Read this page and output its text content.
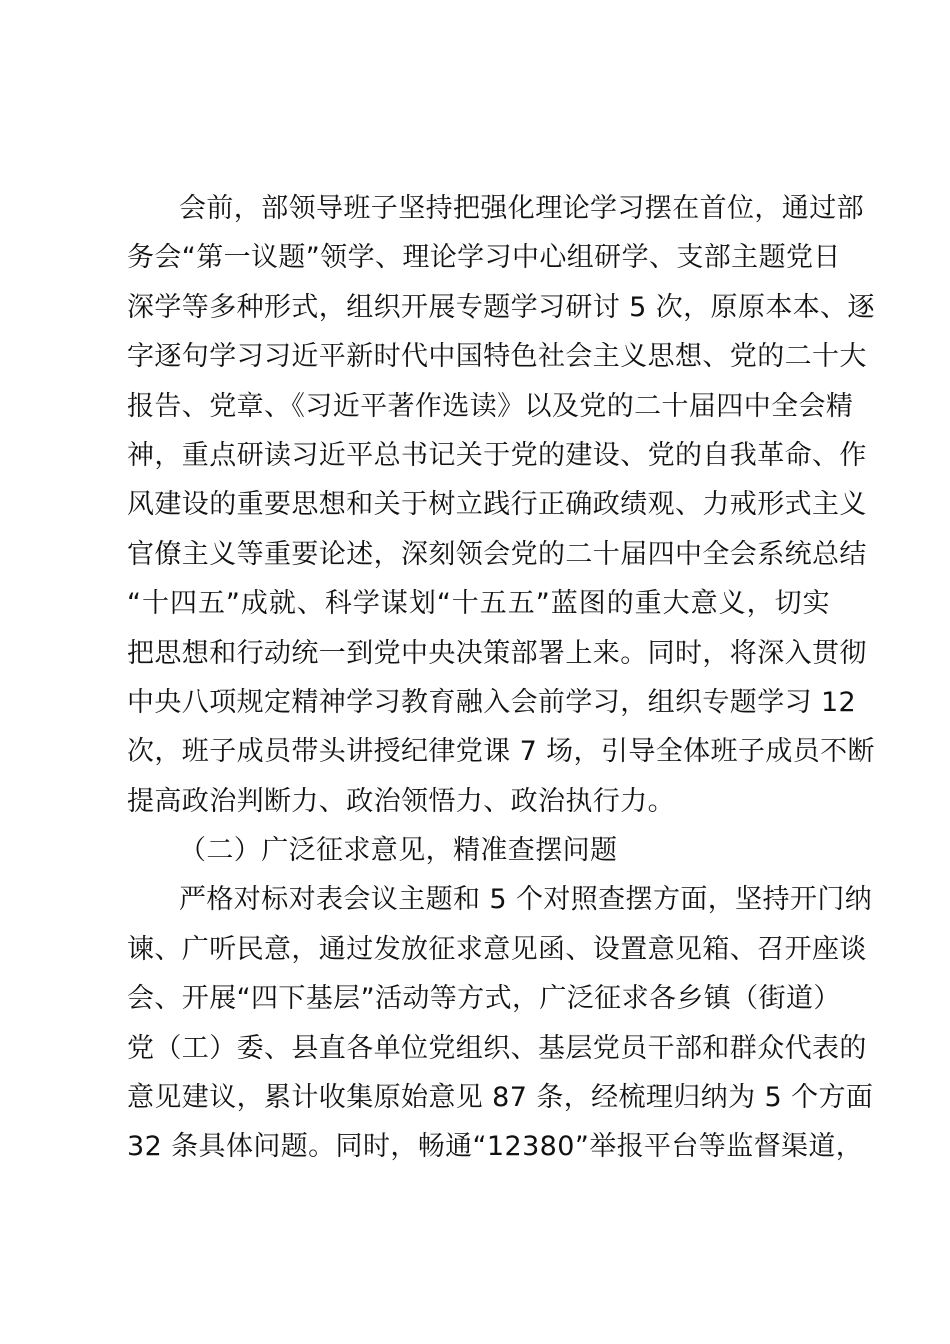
会前，部领导班子坚持把强化理论学习摆在首位，通过部
务会“第一议题”领学、理论学习中心组研学、支部主题党日
深学等多种形式，组织开展专题学习研讨 5 次，原原本本、逐
字逐句学习习近平新时代中国特色社会主义思想、党的二十大
报告、党章、《习近平著作选读》以及党的二十届四中全会精
神，重点研读习近平总书记关于党的建设、党的自我革命、作
风建设的重要思想和关于树立践行正确政绩观、力戒形式主义
官僚主义等重要论述，深刻领会党的二十届四中全会系统总结
“十四五”成就、科学谋划“十五五”蓝图的重大意义，切实
把思想和行动统一到党中央决策部署上来。同时，将深入贯彻
中央八项规定精神学习教育融入会前学习，组织专题学习 12
次，班子成员带头讲授纪律党课 7 场，引导全体班子成员不断
提高政治判断力、政治领悟力、政治执行力。
（二）广泛征求意见，精准查摆问题
严格对标对表会议主题和 5 个对照查摆方面，坚持开门纳
谏、广听民意，通过发放征求意见函、设置意见箱、召开座谈
会、开展“四下基层”活动等方式，广泛征求各乡镇（街道）
党（工）委、县直各单位党组织、基层党员干部和群众代表的
意见建议，累计收集原始意见 87 条，经梳理归纳为 5 个方面
32 条具体问题。同时，畅通“12380”举报平台等监督渠道，
